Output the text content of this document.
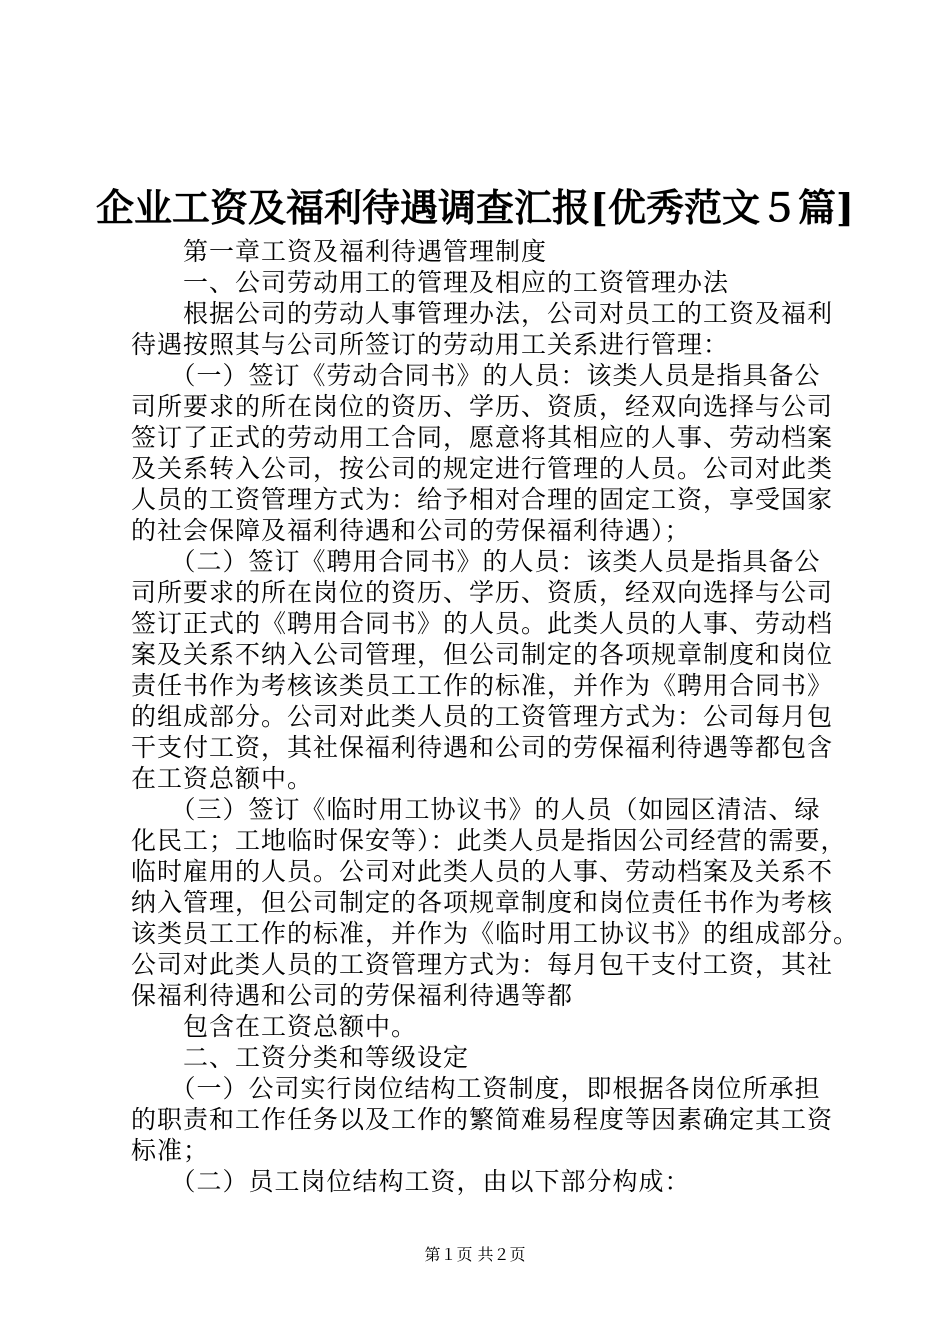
企业工资及福利待遇调查汇报[优秀范文５篇]
　　第一章工资及福利待遇管理制度
　　一、公司劳动用工的管理及相应的工资管理办法
　　根据公司的劳动人事管理办法，公司对员工的工资及福利
待遇按照其与公司所签订的劳动用工关系进行管理：
　　（一）签订《劳动合同书》的人员：该类人员是指具备公
司所要求的所在岗位的资历、学历、资质，经双向选择与公司
签订了正式的劳动用工合同，愿意将其相应的人事、劳动档案
及关系转入公司，按公司的规定进行管理的人员。公司对此类
人员的工资管理方式为：给予相对合理的固定工资，享受国家
的社会保障及福利待遇和公司的劳保福利待遇）；
　　（二）签订《聘用合同书》的人员：该类人员是指具备公
司所要求的所在岗位的资历、学历、资质，经双向选择与公司
签订正式的《聘用合同书》的人员。此类人员的人事、劳动档
案及关系不纳入公司管理，但公司制定的各项规章制度和岗位
责任书作为考核该类员工工作的标准，并作为《聘用合同书》
的组成部分。公司对此类人员的工资管理方式为：公司每月包
干支付工资，其社保福利待遇和公司的劳保福利待遇等都包含
在工资总额中。
　　（三）签订《临时用工协议书》的人员（如园区清洁、绿
化民工；工地临时保安等）：此类人员是指因公司经营的需要，
临时雇用的人员。公司对此类人员的人事、劳动档案及关系不
纳入管理，但公司制定的各项规章制度和岗位责任书作为考核
该类员工工作的标准，并作为《临时用工协议书》的组成部分。
公司对此类人员的工资管理方式为：每月包干支付工资，其社
保福利待遇和公司的劳保福利待遇等都
　　包含在工资总额中。
　　二、工资分类和等级设定
　　（一）公司实行岗位结构工资制度，即根据各岗位所承担
的职责和工作任务以及工作的繁简难易程度等因素确定其工资
标准；
　　（二）员工岗位结构工资，由以下部分构成：
第１页 共２页
